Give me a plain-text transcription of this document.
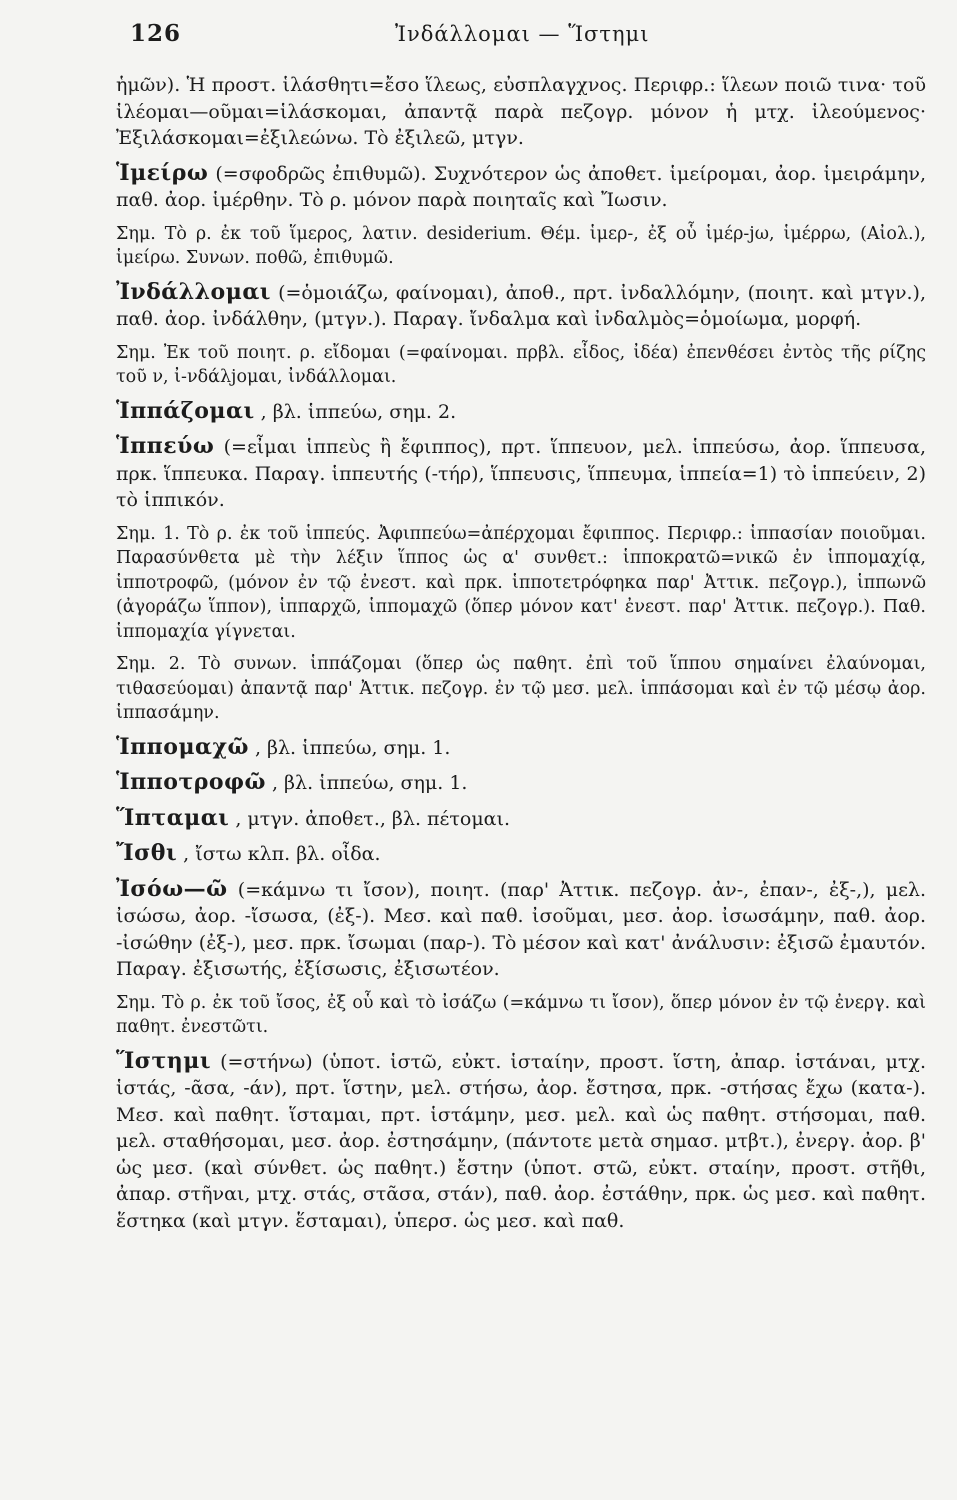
126	Ἰνδάλλομαι — Ἵστημι
ἡμῶν). Ἡ προστ. ἱλάσθητι=ἔσο ἵλεως, εὐσπλαγχνος. Περιφρ.: ἵλεων ποιῶ τινα· τοῦ ἱλέομαι—οῦμαι=ἱλάσκομαι, ἀπαντᾷ παρὰ πεζογρ. μόνον ἡ μτχ. ἱλεούμενος· Ἐξιλάσκομαι=ἐξιλεώνω. Τὸ ἐξιλεῶ, μτγν.
Ἱμείρω (=σφοδρῶς ἐπιθυμῶ). Συχνότερον ὡς ἀποθετ. ἱμείρομαι, ἀορ. ἱμειράμην, παθ. ἀορ. ἱμέρθην. Τὸ ρ. μόνον παρὰ ποιηταῖς καὶ Ἴωσιν.
Σημ. Τὸ ρ. ἐκ τοῦ ἵμερος, λατιν. desiderium. Θέμ. ἱμερ-, ἐξ οὗ ἱμέρ-jω, ἱμέρρω, (Αἰολ.), ἱμείρω. Συνων. ποθῶ, ἐπιθυμῶ.
Ἰνδάλλομαι (=ὁμοιάζω, φαίνομαι), ἀποθ., πρτ. ἰνδαλλόμην, (ποιητ. καὶ μτγν.), παθ. ἀορ. ἰνδάλθην, (μτγν.). Παραγ. ἴνδαλμα καὶ ἰνδαλμὸς=ὁμοίωμα, μορφή.
Σημ. Ἐκ τοῦ ποιητ. ρ. εἴδομαι (=φαίνομαι. πρβλ. εἶδος, ἰδέα) ἐπενθέσει ἐντὸς τῆς ρίζης τοῦ ν, ἰ-νδάλjομαι, ἰνδάλλομαι.
Ἱππάζομαι , βλ. ἱππεύω, σημ. 2.
Ἱππεύω (=εἶμαι ἱππεὺς ἢ ἔφιππος), πρτ. ἵππευον, μελ. ἱππεύσω, ἀορ. ἵππευσα, πρκ. ἵππευκα. Παραγ. ἱππευτής (-τήρ), ἵππευσις, ἵππευμα, ἱππεία=1) τὸ ἱππεύειν, 2) τὸ ἱππικόν.
Σημ. 1. Τὸ ρ. ἐκ τοῦ ἱππεύς. Ἀφιππεύω=ἀπέρχομαι ἔφιππος. Περιφρ.: ἱππασίαν ποιοῦμαι. Παρασύνθετα μὲ τὴν λέξιν ἵππος ὡς α' συνθετ.: ἱπποκρατῶ=νικῶ ἐν ἱππομαχίᾳ, ἱπποτροφῶ, (μόνον ἐν τῷ ἐνεστ. καὶ πρκ. ἱπποτετρόφηκα παρ' Ἀττικ. πεζογρ.), ἱππωνῶ (ἀγοράζω ἵππον), ἱππαρχῶ, ἱππομαχῶ (ὅπερ μόνον κατ' ἐνεστ. παρ' Ἀττικ. πεζογρ.). Παθ. ἱππομαχία γίγνεται.
Σημ. 2. Τὸ συνων. ἱππάζομαι (ὅπερ ὡς παθητ. ἐπὶ τοῦ ἵππου σημαίνει ἐλαύνομαι, τιθασεύομαι) ἀπαντᾷ παρ' Ἀττικ. πεζογρ. ἐν τῷ μεσ. μελ. ἱππάσομαι καὶ ἐν τῷ μέσῳ ἀορ. ἱππασάμην.
Ἱππομαχῶ , βλ. ἱππεύω, σημ. 1.
Ἱπποτροφῶ , βλ. ἱππεύω, σημ. 1.
Ἵπταμαι , μτγν. ἀποθετ., βλ. πέτομαι.
Ἴσθι , ἴστω κλπ. βλ. οἶδα.
Ἰσόω—ῶ (=κάμνω τι ἴσον), ποιητ. (παρ' Ἀττικ. πεζογρ. ἀν-, ἐπαν-, ἐξ-,), μελ. ἰσώσω, ἀορ. -ἴσωσα, (ἐξ-). Μεσ. καὶ παθ. ἰσοῦμαι, μεσ. ἀορ. ἰσωσάμην, παθ. ἀορ. -ἰσώθην (ἐξ-), μεσ. πρκ. ἴσωμαι (παρ-). Τὸ μέσον καὶ κατ' ἀνάλυσιν: ἐξισῶ ἐμαυτόν. Παραγ. ἐξισωτής, ἐξίσωσις, ἐξισωτέον.
Σημ. Τὸ ρ. ἐκ τοῦ ἴσος, ἐξ οὗ καὶ τὸ ἰσάζω (=κάμνω τι ἴσον), ὅπερ μόνον ἐν τῷ ἐνεργ. καὶ παθητ. ἐνεστῶτι.
Ἵστημι (=στήνω) (ὑποτ. ἱστῶ, εὐκτ. ἱσταίην, προστ. ἵστη, ἀπαρ. ἱστάναι, μτχ. ἱστάς, -ᾶσα, -άν), πρτ. ἵστην, μελ. στήσω, ἀορ. ἔστησα, πρκ. -στήσας ἔχω (κατα-). Μεσ. καὶ παθητ. ἵσταμαι, πρτ. ἱστάμην, μεσ. μελ. καὶ ὡς παθητ. στήσομαι, παθ. μελ. σταθήσομαι, μεσ. ἀορ. ἐστησάμην, (πάντοτε μετὰ σημασ. μτβτ.), ἐνεργ. ἀορ. β' ὡς μεσ. (καὶ σύνθετ. ὡς παθητ.) ἔστην (ὑποτ. στῶ, εὐκτ. σταίην, προστ. στῆθι, ἀπαρ. στῆναι, μτχ. στάς, στᾶσα, στάν), παθ. ἀορ. ἐστάθην, πρκ. ὡς μεσ. καὶ παθητ. ἕστηκα (καὶ μτγν. ἕσταμαι), ὑπερσ. ὡς μεσ. καὶ παθ.
